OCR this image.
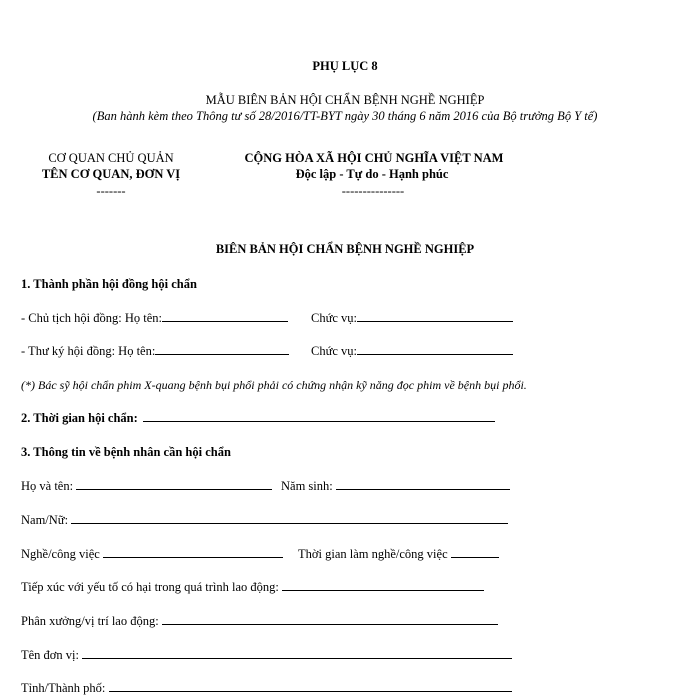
PHỤ LỤC 8
MẪU BIÊN BẢN HỘI CHẨN BỆNH NGHỀ NGHIỆP
(Ban hành kèm theo Thông tư số 28/2016/TT-BYT ngày 30 tháng 6 năm 2016 của Bộ trưởng Bộ Y tế)
CƠ QUAN CHỦ QUẢN
TÊN CƠ QUAN, ĐƠN VỊ
-------
CỘNG HÒA XÃ HỘI CHỦ NGHĨA VIỆT NAM
Độc lập - Tự do - Hạnh phúc
---------------
BIÊN BẢN HỘI CHẨN BỆNH NGHỀ NGHIỆP
1. Thành phần hội đồng hội chẩn
- Chủ tịch hội đồng: Họ tên:	Chức vụ:
- Thư ký hội đồng: Họ tên:	Chức vụ:
(*) Bác sỹ hội chẩn phim X-quang bệnh bụi phổi phải có chứng nhận kỹ năng đọc phim về bệnh bụi phổi.
2. Thời gian hội chẩn:
3. Thông tin về bệnh nhân cần hội chẩn
Họ và tên:	Năm sinh:
Nam/Nữ:
Nghề/công việc	Thời gian làm nghề/công việc
Tiếp xúc với yếu tố có hại trong quá trình lao động:
Phân xưởng/vị trí lao động:
Tên đơn vị:
Tỉnh/Thành phố:
